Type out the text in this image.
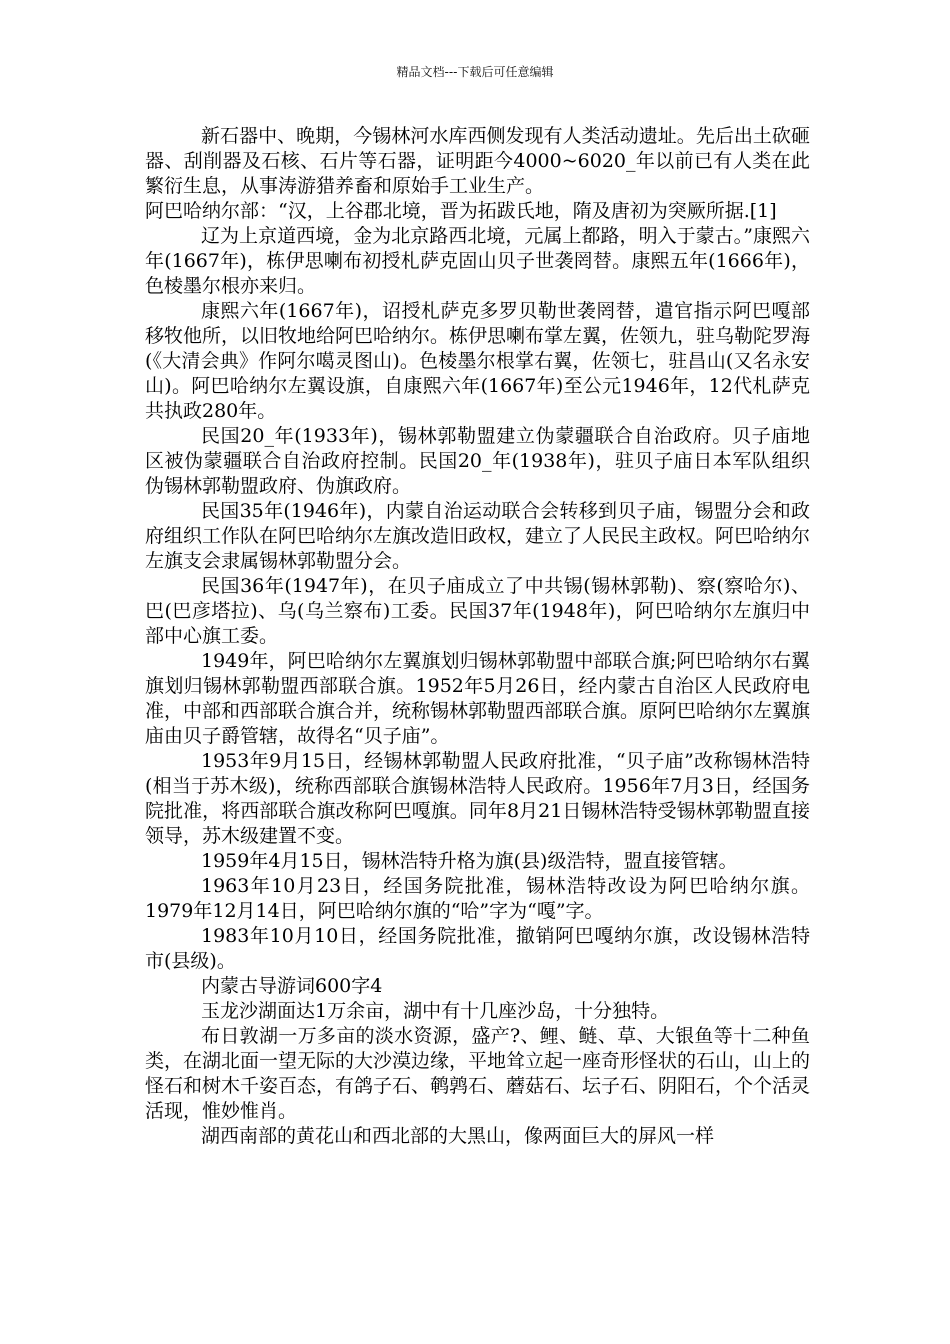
精品文档---下载后可任意编辑

新石器中、晚期，今锡林河水库西侧发现有人类活动遗址。先后出土砍砸器、刮削器及石核、石片等石器，证明距今4000~6020_年以前已有人类在此繁衍生息，从事涛游猎养畜和原始手工业生产。

阿巴哈纳尔部：“汉，上谷郡北境，晋为拓跋氏地，隋及唐初为突厥所据.[1]

辽为上京道西境，金为北京路西北境，元属上都路，明入于蒙古。”康熙六年(1667年)，栋伊思喇布初授札萨克固山贝子世袭罔替。康熙五年(1666年)，色棱墨尔根亦来归。

康熙六年(1667年)，诏授札萨克多罗贝勒世袭罔替，遣官指示阿巴嘎部移牧他所，以旧牧地给阿巴哈纳尔。栋伊思喇布掌左翼，佐领九，驻乌勒陀罗海(《大清会典》作阿尔噶灵图山)。色棱墨尔根掌右翼，佐领七，驻昌山(又名永安山)。阿巴哈纳尔左翼设旗，自康熙六年(1667年)至公元1946年，12代札萨克共执政280年。

民国20_年(1933年)，锡林郭勒盟建立伪蒙疆联合自治政府。贝子庙地区被伪蒙疆联合自治政府控制。民国20_年(1938年)，驻贝子庙日本军队组织伪锡林郭勒盟政府、伪旗政府。

民国35年(1946年)，内蒙自治运动联合会转移到贝子庙，锡盟分会和政府组织工作队在阿巴哈纳尔左旗改造旧政权，建立了人民民主政权。阿巴哈纳尔左旗支会隶属锡林郭勒盟分会。

民国36年(1947年)，在贝子庙成立了中共锡(锡林郭勒)、察(察哈尔)、巴(巴彦塔拉)、乌(乌兰察布)工委。民国37年(1948年)，阿巴哈纳尔左旗归中部中心旗工委。

1949年，阿巴哈纳尔左翼旗划归锡林郭勒盟中部联合旗;阿巴哈纳尔右翼旗划归锡林郭勒盟西部联合旗。1952年5月26日，经内蒙古自治区人民政府电准，中部和西部联合旗合并，统称锡林郭勒盟西部联合旗。原阿巴哈纳尔左翼旗庙由贝子爵管辖，故得名“贝子庙”。

1953年9月15日，经锡林郭勒盟人民政府批准，“贝子庙”改称锡林浩特(相当于苏木级)，统称西部联合旗锡林浩特人民政府。1956年7月3日，经国务院批准，将西部联合旗改称阿巴嘎旗。同年8月21日锡林浩特受锡林郭勒盟直接领导，苏木级建置不变。

1959年4月15日，锡林浩特升格为旗(县)级浩特，盟直接管辖。

1963年10月23日，经国务院批准，锡林浩特改设为阿巴哈纳尔旗。1979年12月14日，阿巴哈纳尔旗的“哈”字为“嘎”字。

1983年10月10日，经国务院批准，撤销阿巴嘎纳尔旗，改设锡林浩特市(县级)。

内蒙古导游词600字4

玉龙沙湖面达1万余亩，湖中有十几座沙岛，十分独特。

布日敦湖一万多亩的淡水资源，盛产?、鲤、鲢、草、大银鱼等十二种鱼类，在湖北面一望无际的大沙漠边缘，平地耸立起一座奇形怪状的石山，山上的怪石和树木千姿百态，有鸽子石、鹌鹑石、蘑菇石、坛子石、阴阳石，个个活灵活现，惟妙惟肖。

湖西南部的黄花山和西北部的大黑山，像两面巨大的屏风一样
